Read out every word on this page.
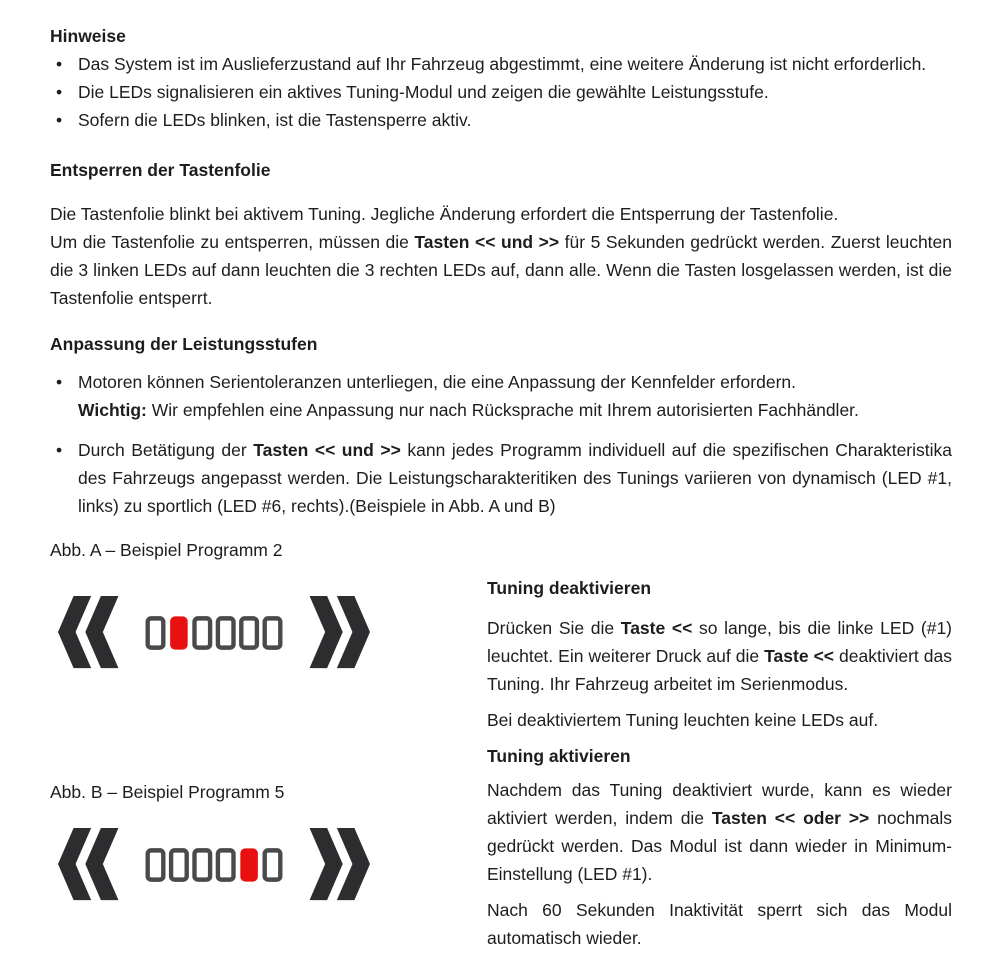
Hinweise
• Das System ist im Auslieferzustand auf Ihr Fahrzeug abgestimmt, eine weitere Änderung ist nicht erforderlich.
• Die LEDs signalisieren ein aktives Tuning-Modul und zeigen die gewählte Leistungsstufe.
• Sofern die LEDs blinken, ist die Tastensperre aktiv.
Entsperren der Tastenfolie

Die Tastenfolie blinkt bei aktivem Tuning. Jegliche Änderung erfordert die Entsperrung der Tastenfolie.

Um die Tastenfolie zu entsperren, müssen die Tasten << und >> für 5 Sekunden gedrückt werden. Zuerst leuchten die 3 linken LEDs auf dann leuchten die 3 rechten LEDs auf, dann alle. Wenn die Tasten losgelassen werden, ist die Tastenfolie entsperrt.

Anpassung der Leistungsstufen

• Motoren können Serientoleranzen unterliegen, die eine Anpassung der Kennfelder erfordern.

Wichtig: Wir empfehlen eine Anpassung nur nach Rücksprache mit Ihrem autorisierten Fachhändler.

• Durch Betätigung der Tasten << und >> kann jedes Programm individuell auf die spezifischen Charakteristika des Fahrzeugs angepasst werden. Die Leistungscharakteritiken des Tunings variieren von dynamisch (LED #1, links) zu sportlich (LED #6, rechts).(Beispiele in Abb. A und B)

Abb. A – Beispiel Programm 2

Abb. B – Beispiel Programm 5

Tuning deaktivieren

Drücken Sie die Taste << so lange, bis die linke LED (#1) leuchtet. Ein weiterer Druck auf die Taste << deaktiviert das Tuning. Ihr Fahrzeug arbeitet im Serienmodus.

Bei deaktiviertem Tuning leuchten keine LEDs auf.

Tuning aktivieren

Nachdem das Tuning deaktiviert wurde, kann es wieder aktiviert werden, indem die Tasten << oder >> nochmals gedrückt werden. Das Modul ist dann wieder in Minimum-Einstellung (LED #1).

Nach 60 Sekunden Inaktivität sperrt sich das Modul automatisch wieder.
